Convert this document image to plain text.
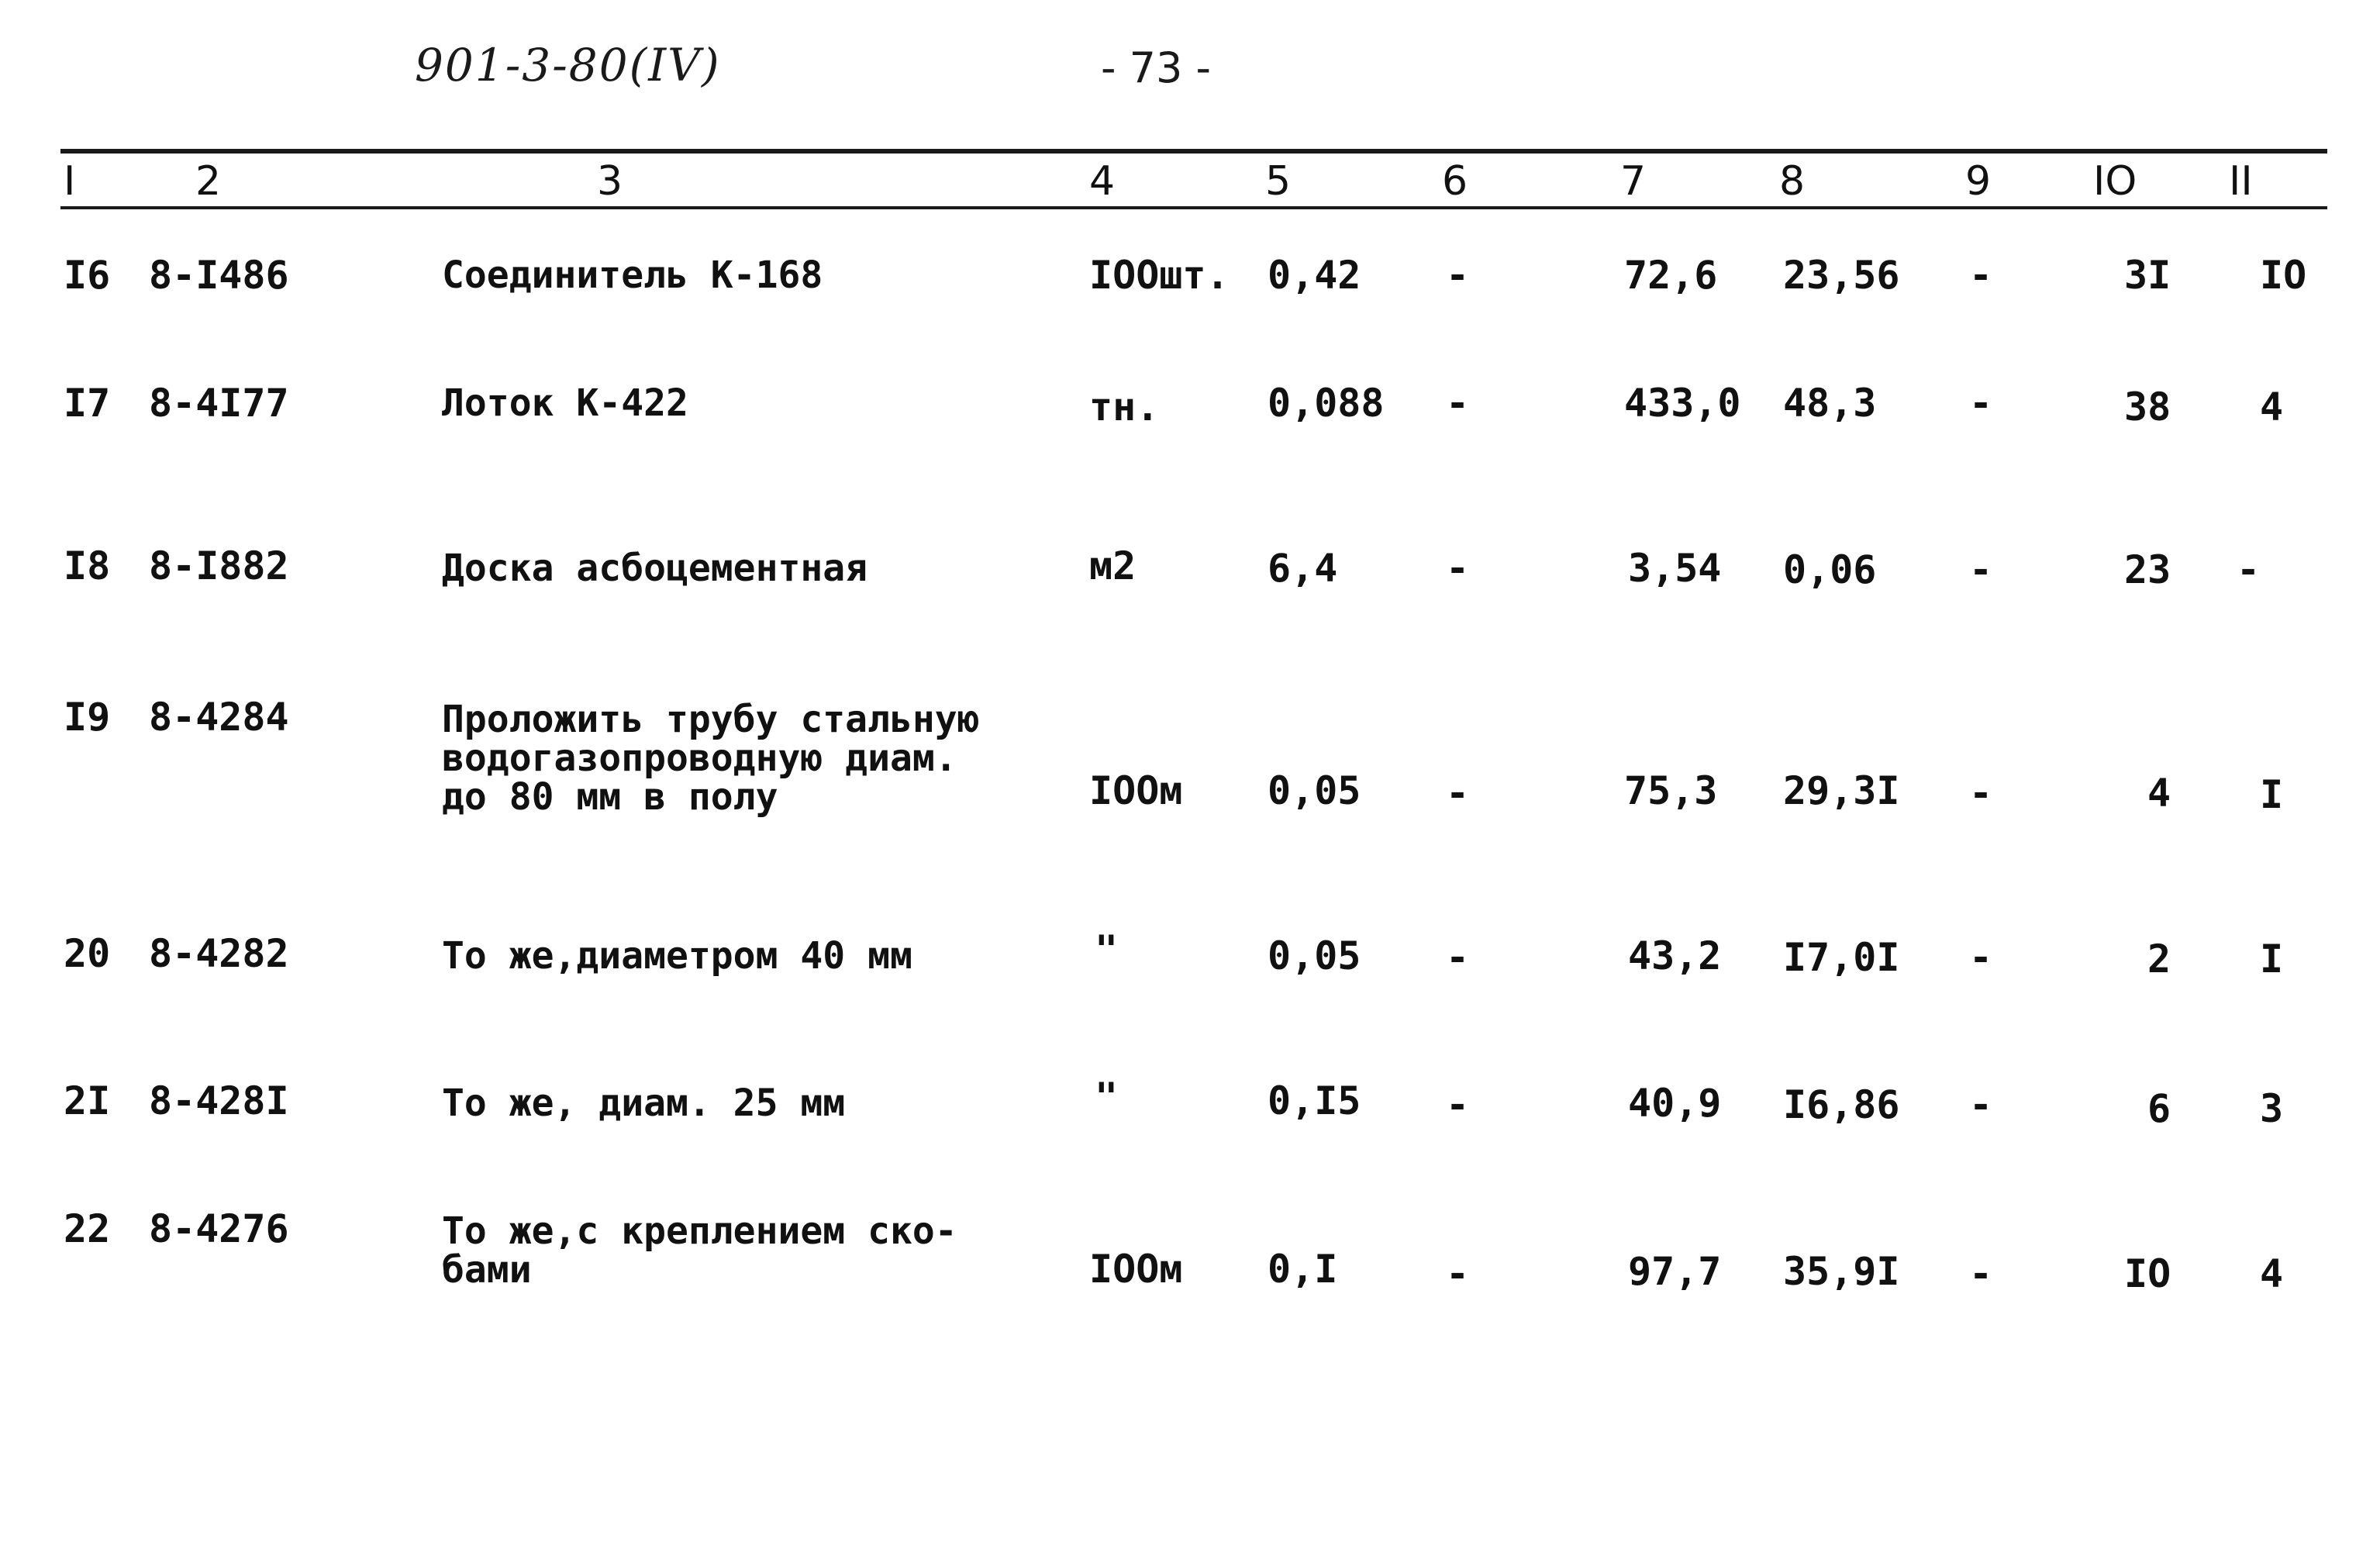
901-3-80(IV)	- 73 -
I	2	3	4	5	6	7	8	9	IO II
I6 8-I486	Соединитель К-168	IOOшт. 0,42 -	72,6 23,56 -	3I IO
I7 8-4I77	Лоток К-422	тн.	0,088 -	433,0 48,3 -	38 4
I8 8-I882	Доска асбоцементная	м2	6,4	-	3,54 0,06 -	23 -
I9 8-4284	Проложить трубу стальную
водогазопроводную диам.
до 80 мм в полу	IOOм 0,05 -	75,3 29,3I -	4 I
20 8-4282	То же,диаметром 40 мм	"	0,05 -	43,2 I7,0I -	2 I
2I 8-428I	То же, диам. 25 мм	"	0,I5 -	40,9 I6,86 -	6 3
22 8-4276	То же,с креплением ско-
бами	IOOм 0,I	-	97,7 35,9I -	IO 4
